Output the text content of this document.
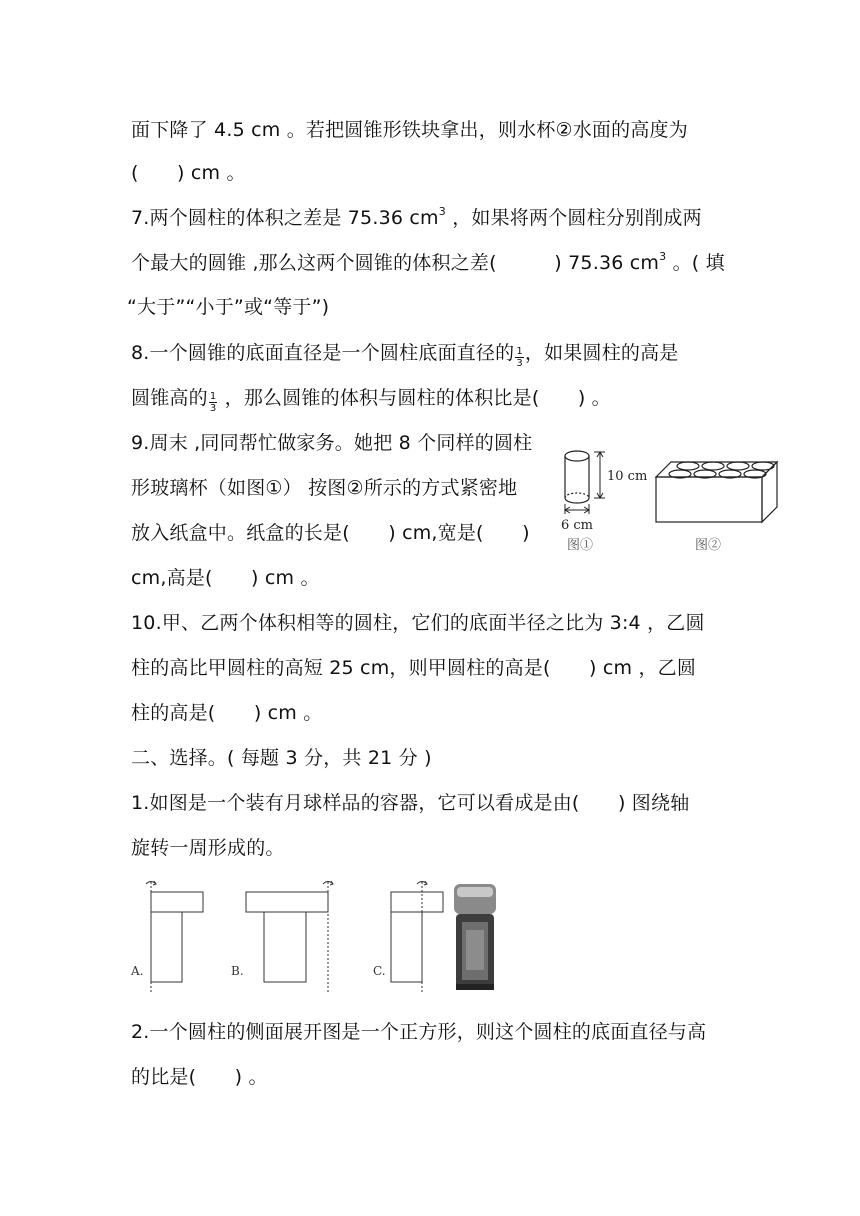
面下降了 4.5 cm 。若把圆锥形铁块拿出，则水杯②水面的高度为
(　　) cm 。
7.两个圆柱的体积之差是 75.36 $cm^3$ ，如果将两个圆柱分别削成两
个最大的圆锥 ,那么这两个圆锥的体积之差(　　　) 75.36 $cm^3$ 。( 填
“大于”“小于”或“等于”)
8.一个圆锥的底面直径是一个圆柱底面直径的 $\frac{1}{3}$ ，如果圆柱的高是
圆锥高的 $\frac{1}{3}$ ，那么圆锥的体积与圆柱的体积比是(　　) 。
9.周末 ,同同帮忙做家务。她把 8 个同样的圆柱
形玻璃杯（如图①） 按图②所示的方式紧密地
放入纸盒中。纸盒的长是(　　) cm,宽是(　　)
cm,高是(　　) cm 。
10 cm
6 cm
图①	图②
10.甲、乙两个体积相等的圆柱，它们的底面半径之比为 3:4 ，乙圆
柱的高比甲圆柱的高短 25 cm，则甲圆柱的高是(　　) cm ，乙圆
柱的高是(　　) cm 。
二、选择。( 每题 3 分，共 21 分 )
1.如图是一个装有月球样品的容器，它可以看成是由(　　) 图绕轴
旋转一周形成的。
A.	B.	C.
2.一个圆柱的侧面展开图是一个正方形，则这个圆柱的底面直径与高
的比是(　　) 。
